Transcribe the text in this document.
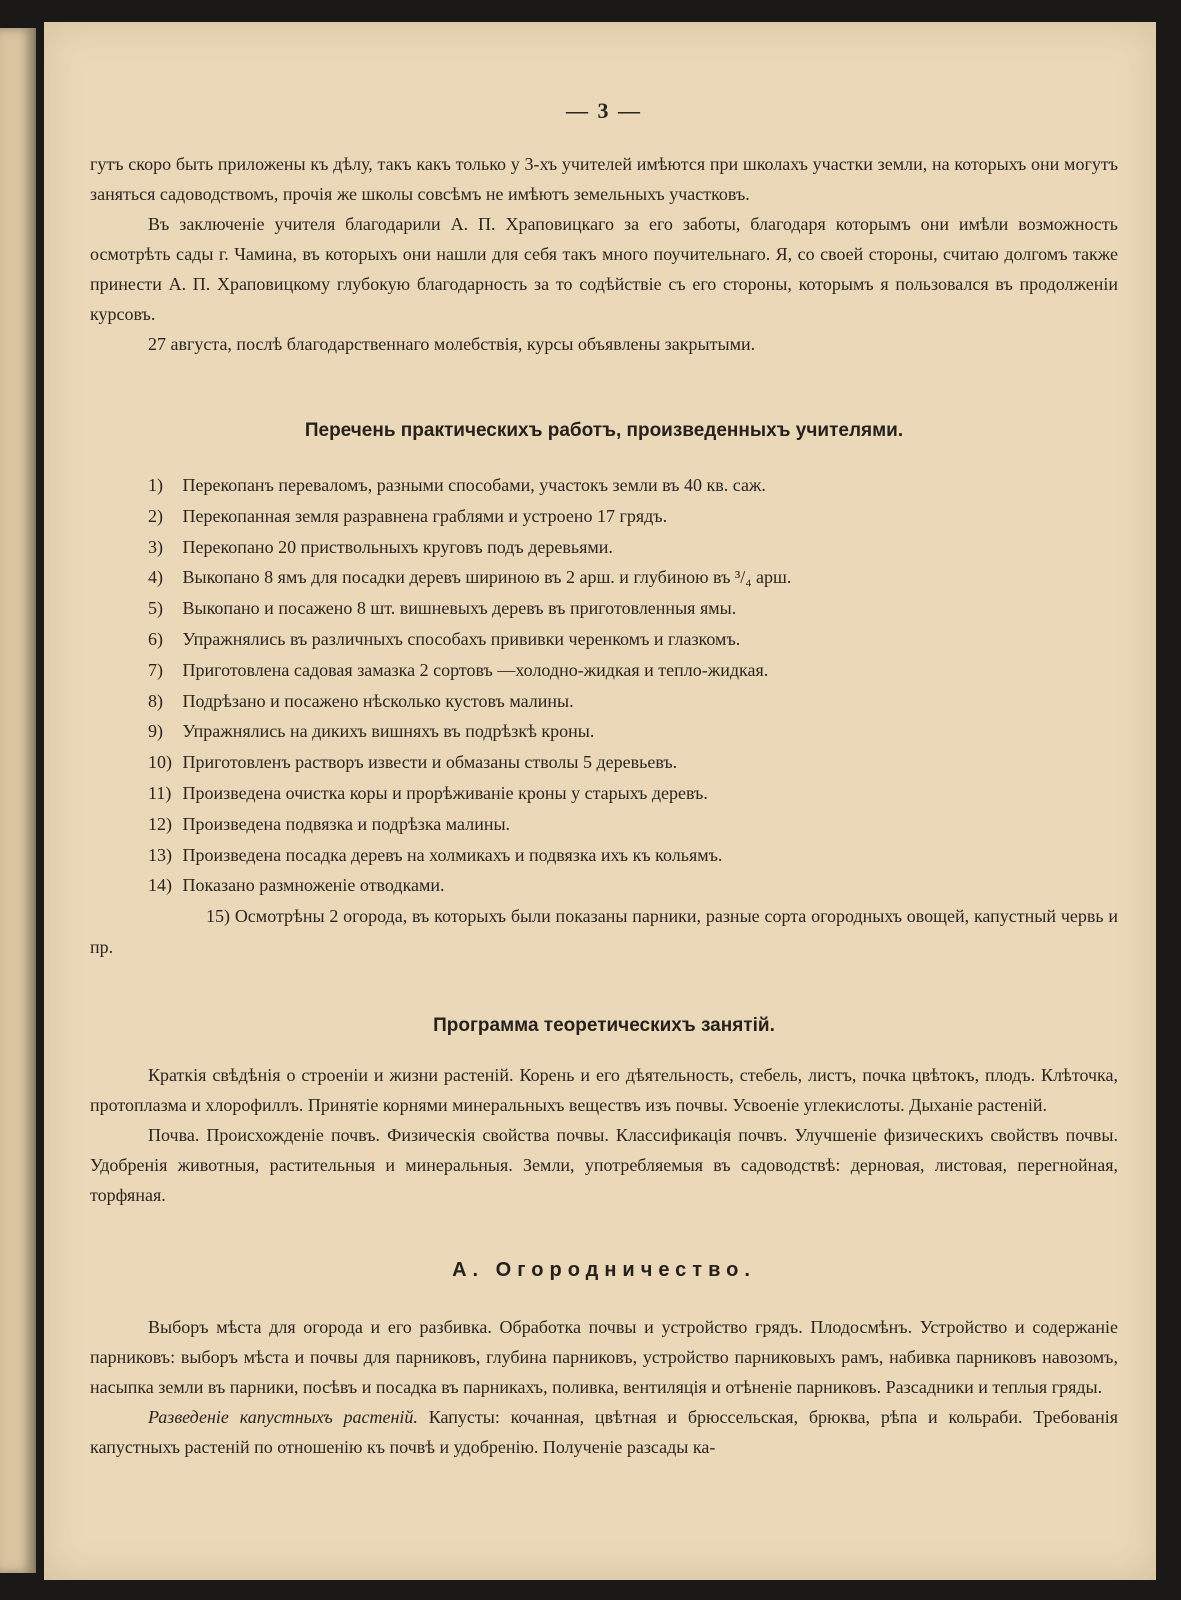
— 3 —

гутъ скоро быть приложены къ дѣлу, такъ какъ только у 3-хъ учителей имѣются при школахъ участки земли, на которыхъ они могутъ заняться садоводствомъ, прочія же школы совсѣмъ не имѣютъ земельныхъ участковъ.

Въ заключеніе учителя благодарили А. П. Храповицкаго за его заботы, благодаря которымъ они имѣли возможность осмотрѣть сады г. Чамина, въ которыхъ они нашли для себя такъ много поучительнаго. Я, со своей стороны, считаю долгомъ также принести А. П. Храповицкому глубокую благодарность за то содѣйствіе съ его стороны, которымъ я пользовался въ продолженіи курсовъ.

27 августа, послѣ благодарственнаго молебствія, курсы объявлены закрытыми.

Перечень практическихъ работъ, произведенныхъ учителями.
1) Перекопанъ переваломъ, разными способами, участокъ земли въ 40 кв. саж.
2) Перекопанная земля разравнена граблями и устроено 17 грядъ.
3) Перекопано 20 приствольныхъ круговъ подъ деревьями.
4) Выкопано 8 ямъ для посадки деревъ шириною въ 2 арш. и глубиною въ ³/₄ арш.
5) Выкопано и посажено 8 шт. вишневыхъ деревъ въ приготовленныя ямы.
6) Упражнялись въ различныхъ способахъ прививки черенкомъ и глазкомъ.
7) Приготовлена садовая замазка 2 сортовъ —холодно-жидкая и тепло-жидкая.
8) Подрѣзано и посажено нѣсколько кустовъ малины.
9) Упражнялись на дикихъ вишняхъ въ подрѣзкѣ кроны.
10) Приготовленъ растворъ извести и обмазаны стволы 5 деревьевъ.
11) Произведена очистка коры и прорѣживаніе кроны у старыхъ деревъ.
12) Произведена подвязка и подрѣзка малины.
13) Произведена посадка деревъ на холмикахъ и подвязка ихъ къ кольямъ.
14) Показано размноженіе отводками.
15) Осмотрѣны 2 огорода, въ которыхъ были показаны парники, разные сорта огородныхъ овощей, капустный червь и пр.
Программа теоретическихъ занятій.

Краткія свѣдѣнія о строеніи и жизни растеній. Корень и его дѣятельность, стебель, листъ, почка цвѣтокъ, плодъ. Клѣточка, протоплазма и хлорофиллъ. Принятіе корнями минеральныхъ веществъ изъ почвы. Усвоеніе углекислоты. Дыханіе растеній.

Почва. Происхожденіе почвъ. Физическія свойства почвы. Классификація почвъ. Улучшеніе физическихъ свойствъ почвы. Удобренія животныя, растительныя и минеральныя. Земли, употребляемыя въ садоводствѣ: дерновая, листовая, перегнойная, торфяная.

А. Огородничество.

Выборъ мѣста для огорода и его разбивка. Обработка почвы и устройство грядъ. Плодосмѣнъ. Устройство и содержаніе парниковъ: выборъ мѣста и почвы для парниковъ, глубина парниковъ, устройство парниковыхъ рамъ, набивка парниковъ навозомъ, насыпка земли въ парники, посѣвъ и посадка въ парникахъ, поливка, вентиляція и отѣненіе парниковъ. Разсадники и теплыя гряды.

Разведеніе капустныхъ растеній. Капусты: кочанная, цвѣтная и брюссельская, брюква, рѣпа и кольраби. Требованія капустныхъ растеній по отношенію къ почвѣ и удобренію. Полученіе разсады ка-
